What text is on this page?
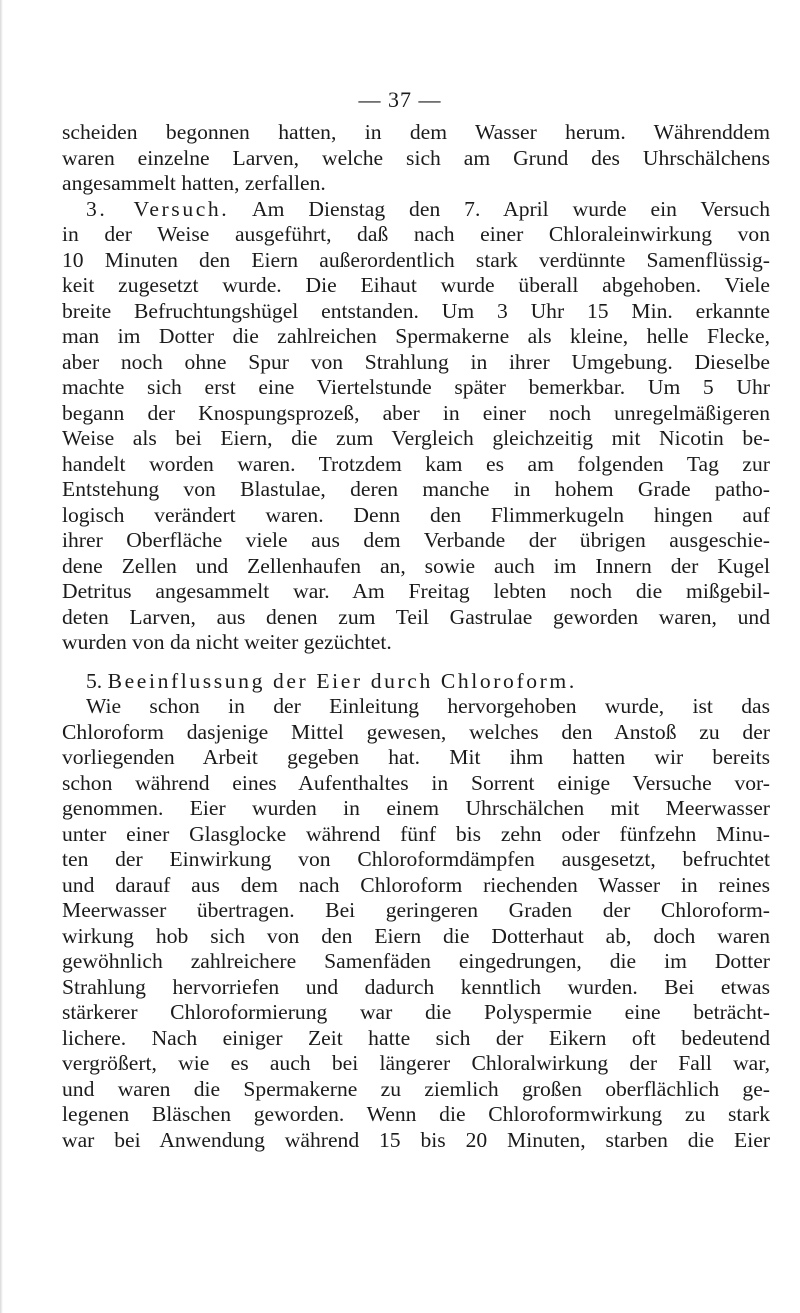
— 37 —
scheiden begonnen hatten, in dem Wasser herum. Währenddem
waren einzelne Larven, welche sich am Grund des Uhrschälchens
angesammelt hatten, zerfallen.
3. Versuch. Am Dienstag den 7. April wurde ein Versuch
in der Weise ausgeführt, daß nach einer Chloraleinwirkung von
10 Minuten den Eiern außerordentlich stark verdünnte Samenflüssig-
keit zugesetzt wurde. Die Eihaut wurde überall abgehoben. Viele
breite Befruchtungshügel entstanden. Um 3 Uhr 15 Min. erkannte
man im Dotter die zahlreichen Spermakerne als kleine, helle Flecke,
aber noch ohne Spur von Strahlung in ihrer Umgebung. Dieselbe
machte sich erst eine Viertelstunde später bemerkbar. Um 5 Uhr
begann der Knospungsprozeß, aber in einer noch unregelmäßigeren
Weise als bei Eiern, die zum Vergleich gleichzeitig mit Nicotin be-
handelt worden waren. Trotzdem kam es am folgenden Tag zur
Entstehung von Blastulae, deren manche in hohem Grade patho-
logisch verändert waren. Denn den Flimmerkugeln hingen auf
ihrer Oberfläche viele aus dem Verbande der übrigen ausgeschie-
dene Zellen und Zellenhaufen an, sowie auch im Innern der Kugel
Detritus angesammelt war. Am Freitag lebten noch die mißgebil-
deten Larven, aus denen zum Teil Gastrulae geworden waren, und
wurden von da nicht weiter gezüchtet.
5. Beeinflussung der Eier durch Chloroform.
Wie schon in der Einleitung hervorgehoben wurde, ist das
Chloroform dasjenige Mittel gewesen, welches den Anstoß zu der
vorliegenden Arbeit gegeben hat. Mit ihm hatten wir bereits
schon während eines Aufenthaltes in Sorrent einige Versuche vor-
genommen. Eier wurden in einem Uhrschälchen mit Meerwasser
unter einer Glasglocke während fünf bis zehn oder fünfzehn Minu-
ten der Einwirkung von Chloroformdämpfen ausgesetzt, befruchtet
und darauf aus dem nach Chloroform riechenden Wasser in reines
Meerwasser übertragen. Bei geringeren Graden der Chloroform-
wirkung hob sich von den Eiern die Dotterhaut ab, doch waren
gewöhnlich zahlreichere Samenfäden eingedrungen, die im Dotter
Strahlung hervorriefen und dadurch kenntlich wurden. Bei etwas
stärkerer Chloroformierung war die Polyspermie eine beträcht-
lichere. Nach einiger Zeit hatte sich der Eikern oft bedeutend
vergrößert, wie es auch bei längerer Chloralwirkung der Fall war,
und waren die Spermakerne zu ziemlich großen oberflächlich ge-
legenen Bläschen geworden. Wenn die Chloroformwirkung zu stark
war bei Anwendung während 15 bis 20 Minuten, starben die Eier
